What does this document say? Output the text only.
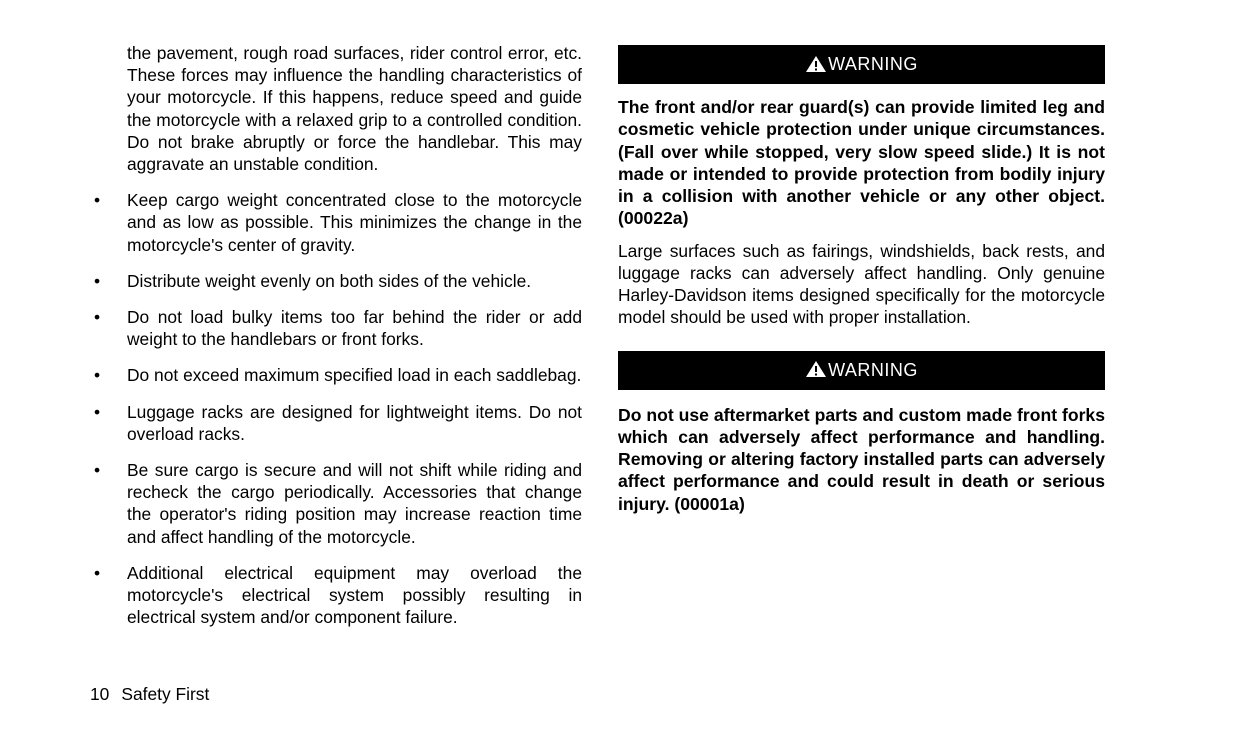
the pavement, rough road surfaces, rider control error, etc. These forces may influence the handling characteristics of your motorcycle. If this happens, reduce speed and guide the motorcycle with a relaxed grip to a controlled condition. Do not brake abruptly or force the handlebar. This may aggravate an unstable condition.

• Keep cargo weight concentrated close to the motorcycle and as low as possible. This minimizes the change in the motorcycle's center of gravity.
• Distribute weight evenly on both sides of the vehicle.
• Do not load bulky items too far behind the rider or add weight to the handlebars or front forks.
• Do not exceed maximum specified load in each saddlebag.
• Luggage racks are designed for lightweight items. Do not overload racks.
• Be sure cargo is secure and will not shift while riding and recheck the cargo periodically. Accessories that change the operator's riding position may increase reaction time and affect handling of the motorcycle.
• Additional electrical equipment may overload the motorcycle's electrical system possibly resulting in electrical system and/or component failure.
WARNING

The front and/or rear guard(s) can provide limited leg and cosmetic vehicle protection under unique circumstances. (Fall over while stopped, very slow speed slide.) It is not made or intended to provide protection from bodily injury in a collision with another vehicle or any other object. (00022a)

Large surfaces such as fairings, windshields, back rests, and luggage racks can adversely affect handling. Only genuine Harley-Davidson items designed specifically for the motorcycle model should be used with proper installation.

WARNING

Do not use aftermarket parts and custom made front forks which can adversely affect performance and handling. Removing or altering factory installed parts can adversely affect performance and could result in death or serious injury. (00001a)

10 Safety First
